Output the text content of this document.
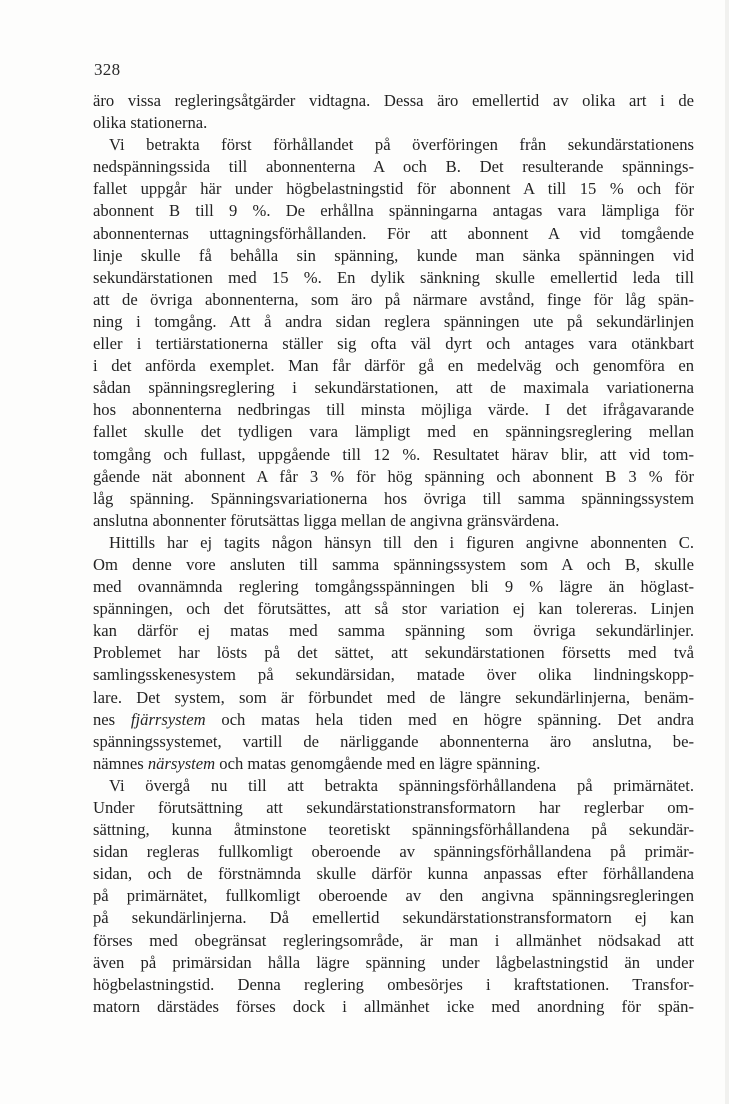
328
äro vissa regleringsåtgärder vidtagna. Dessa äro emellertid av olika art i de
olika stationerna.
Vi betrakta först förhållandet på överföringen från sekundärstationens
nedspänningssida till abonnenterna A och B. Det resulterande spännings-
fallet uppgår här under högbelastningstid för abonnent A till 15 % och för
abonnent B till 9 %. De erhållna spänningarna antagas vara lämpliga för
abonnenternas uttagningsförhållanden. För att abonnent A vid tomgående
linje skulle få behålla sin spänning, kunde man sänka spänningen vid
sekundärstationen med 15 %. En dylik sänkning skulle emellertid leda till
att de övriga abonnenterna, som äro på närmare avstånd, finge för låg spän-
ning i tomgång. Att å andra sidan reglera spänningen ute på sekundärlinjen
eller i tertiärstationerna ställer sig ofta väl dyrt och antages vara otänkbart
i det anförda exemplet. Man får därför gå en medelväg och genomföra en
sådan spänningsreglering i sekundärstationen, att de maximala variationerna
hos abonnenterna nedbringas till minsta möjliga värde. I det ifrågavarande
fallet skulle det tydligen vara lämpligt med en spänningsreglering mellan
tomgång och fullast, uppgående till 12 %. Resultatet härav blir, att vid tom-
gående nät abonnent A får 3 % för hög spänning och abonnent B 3 % för
låg spänning. Spänningsvariationerna hos övriga till samma spänningssystem
anslutna abonnenter förutsättas ligga mellan de angivna gränsvärdena.
Hittills har ej tagits någon hänsyn till den i figuren angivne abonnenten C.
Om denne vore ansluten till samma spänningssystem som A och B, skulle
med ovannämnda reglering tomgångsspänningen bli 9 % lägre än höglast-
spänningen, och det förutsättes, att så stor variation ej kan tolereras. Linjen
kan därför ej matas med samma spänning som övriga sekundärlinjer.
Problemet har lösts på det sättet, att sekundärstationen försetts med två
samlingsskenesystem på sekundärsidan, matade över olika lindningskopp-
lare. Det system, som är förbundet med de längre sekundärlinjerna, benäm-
nes fjärrsystem och matas hela tiden med en högre spänning. Det andra
spänningssystemet, vartill de närliggande abonnenterna äro anslutna, be-
nämnes närsystem och matas genomgående med en lägre spänning.
Vi övergå nu till att betrakta spänningsförhållandena på primärnätet.
Under förutsättning att sekundärstationstransformatorn har reglerbar om-
sättning, kunna åtminstone teoretiskt spänningsförhållandena på sekundär-
sidan regleras fullkomligt oberoende av spänningsförhållandena på primär-
sidan, och de förstnämnda skulle därför kunna anpassas efter förhållandena
på primärnätet, fullkomligt oberoende av den angivna spänningsregleringen
på sekundärlinjerna. Då emellertid sekundärstationstransformatorn ej kan
förses med obegränsat regleringsområde, är man i allmänhet nödsakad att
även på primärsidan hålla lägre spänning under lågbelastningstid än under
högbelastningstid. Denna reglering ombesörjes i kraftstationen. Transfor-
matorn därstädes förses dock i allmänhet icke med anordning för spän-
